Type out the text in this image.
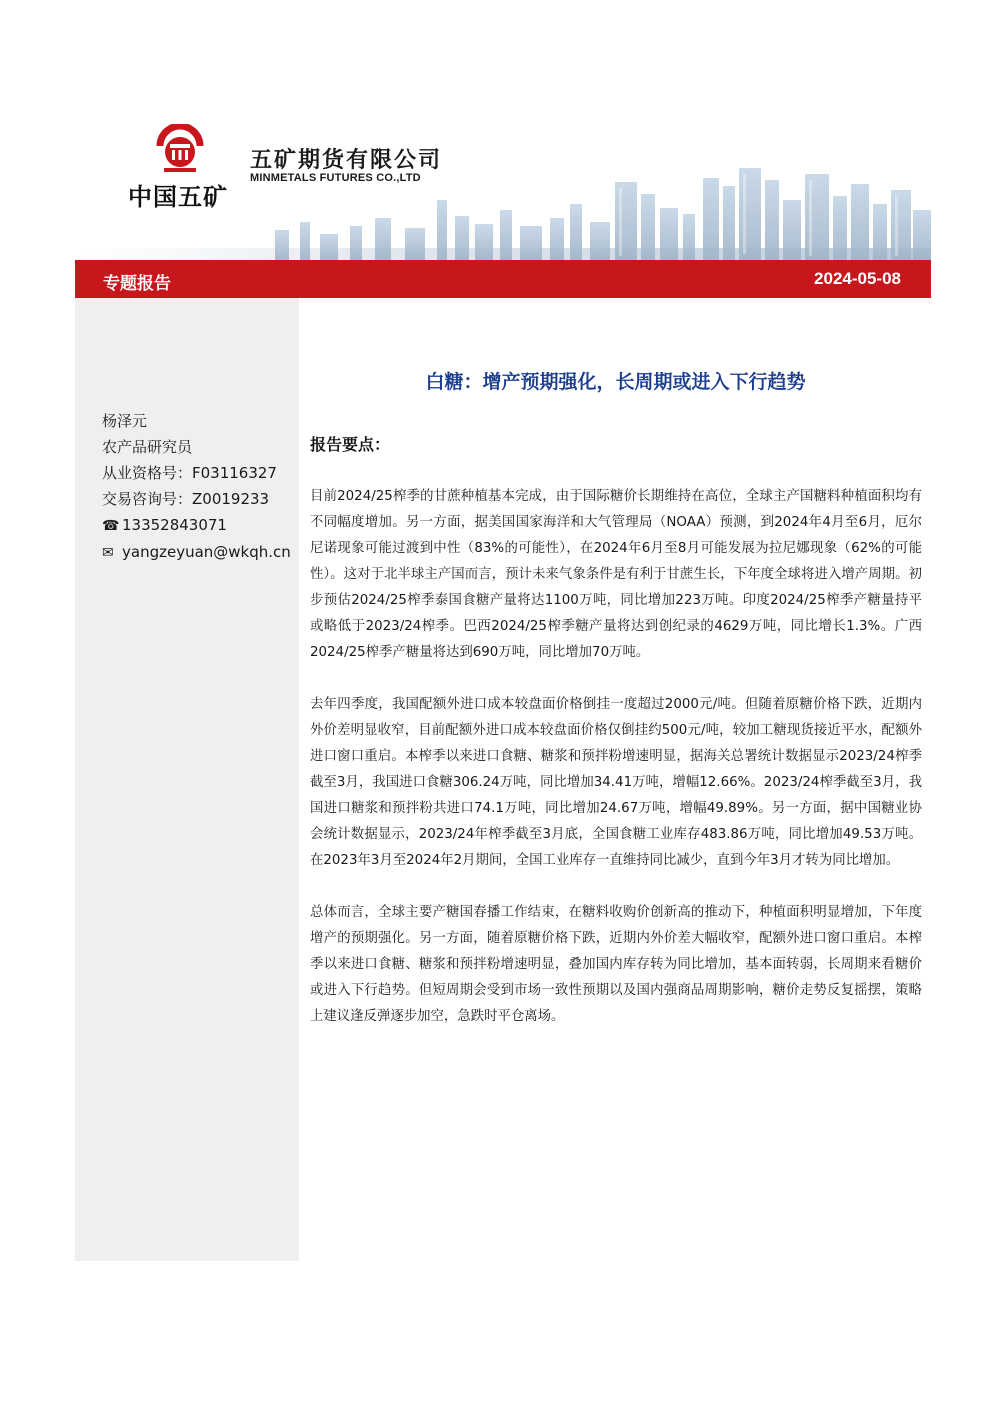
中国五矿
五矿期货有限公司
MINMETALS FUTURES CO.,LTD
专题报告	2024-05-08
杨泽元
农产品研究员
从业资格号：F03116327
交易咨询号：Z0019233
☎ 13352843071
✉ yangzeyuan@wkqh.cn
白糖：增产预期强化，长周期或进入下行趋势
报告要点：

目前2024/25榨季的甘蔗种植基本完成，由于国际糖价长期维持在高位，全球主产国糖料种植面积均有不同幅度增加。另一方面，据美国国家海洋和大气管理局（NOAA）预测，到2024年4月至6月，厄尔尼诺现象可能过渡到中性（83%的可能性），在2024年6月至8月可能发展为拉尼娜现象（62%的可能性）。这对于北半球主产国而言，预计未来气象条件是有利于甘蔗生长，下年度全球将进入增产周期。初步预估2024/25榨季泰国食糖产量将达1100万吨，同比增加223万吨。印度2024/25榨季产糖量持平或略低于2023/24榨季。巴西2024/25榨季糖产量将达到创纪录的4629万吨，同比增长1.3%。广西2024/25榨季产糖量将达到690万吨，同比增加70万吨。

去年四季度，我国配额外进口成本较盘面价格倒挂一度超过2000元/吨。但随着原糖价格下跌，近期内外价差明显收窄，目前配额外进口成本较盘面价格仅倒挂约500元/吨，较加工糖现货接近平水，配额外进口窗口重启。本榨季以来进口食糖、糖浆和预拌粉增速明显，据海关总署统计数据显示2023/24榨季截至3月，我国进口食糖306.24万吨，同比增加34.41万吨，增幅12.66%。2023/24榨季截至3月，我国进口糖浆和预拌粉共进口74.1万吨，同比增加24.67万吨，增幅49.89%。另一方面，据中国糖业协会统计数据显示，2023/24年榨季截至3月底，全国食糖工业库存483.86万吨，同比增加49.53万吨。在2023年3月至2024年2月期间，全国工业库存一直维持同比减少，直到今年3月才转为同比增加。

总体而言，全球主要产糖国春播工作结束，在糖料收购价创新高的推动下，种植面积明显增加，下年度增产的预期强化。另一方面，随着原糖价格下跌，近期内外价差大幅收窄，配额外进口窗口重启。本榨季以来进口食糖、糖浆和预拌粉增速明显，叠加国内库存转为同比增加，基本面转弱，长周期来看糖价或进入下行趋势。但短周期会受到市场一致性预期以及国内强商品周期影响，糖价走势反复摇摆，策略上建议逢反弹逐步加空，急跌时平仓离场。
